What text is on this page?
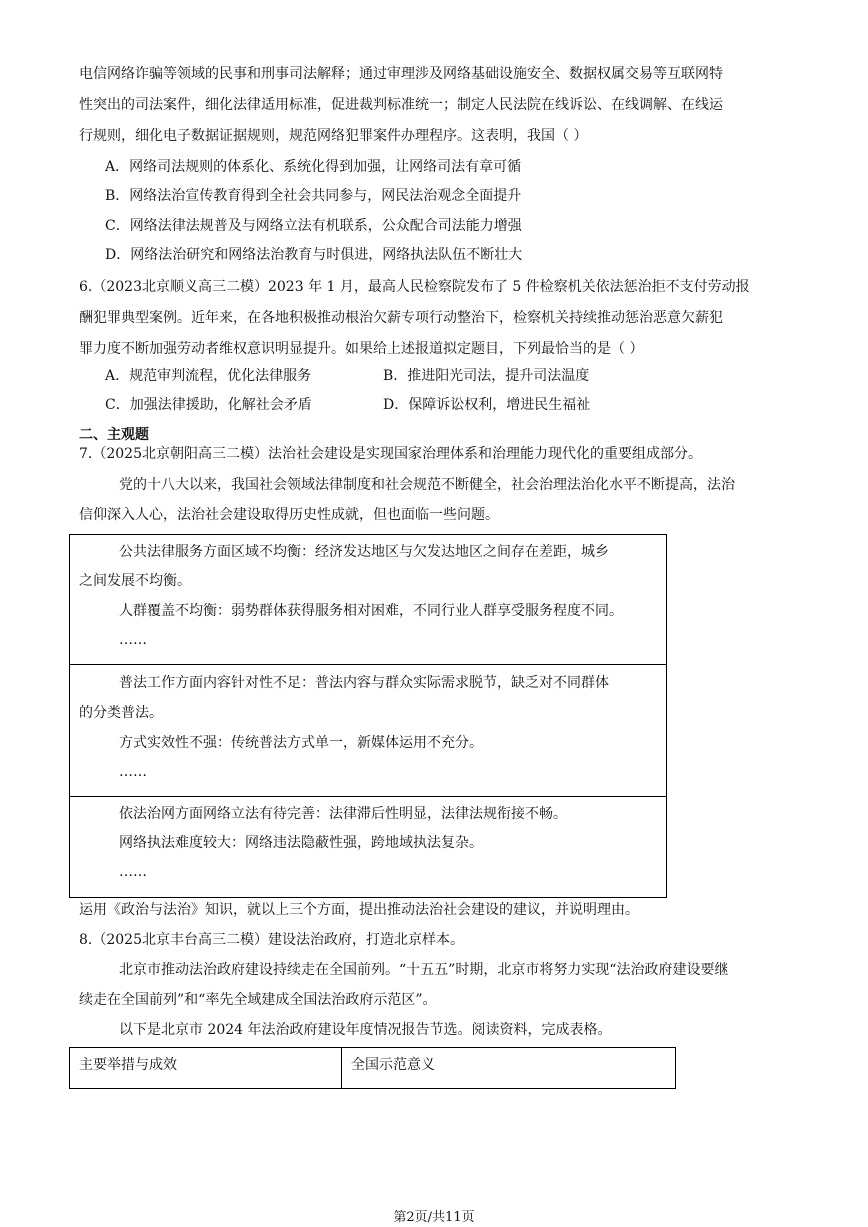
电信网络诈骗等领域的民事和刑事司法解释；通过审理涉及网络基础设施安全、数据权属交易等互联网特
性突出的司法案件，细化法律适用标准，促进裁判标准统一；制定人民法院在线诉讼、在线调解、在线运
行规则，细化电子数据证据规则，规范网络犯罪案件办理程序。这表明，我国（ ）
A．网络司法规则的体系化、系统化得到加强，让网络司法有章可循
B．网络法治宣传教育得到全社会共同参与，网民法治观念全面提升
C．网络法律法规普及与网络立法有机联系，公众配合司法能力增强
D．网络法治研究和网络法治教育与时俱进，网络执法队伍不断壮大
6.（2023北京顺义高三二模）2023 年 1 月，最高人民检察院发布了 5 件检察机关依法惩治拒不支付劳动报
酬犯罪典型案例。近年来，在各地积极推动根治欠薪专项行动整治下，检察机关持续推动惩治恶意欠薪犯
罪力度不断加强劳动者维权意识明显提升。如果给上述报道拟定题目，下列最恰当的是（ ）
A．规范审判流程，优化法律服务	B．推进阳光司法，提升司法温度
C．加强法律援助，化解社会矛盾	D．保障诉讼权利，增进民生福祉
二、主观题
7.（2025北京朝阳高三二模）法治社会建设是实现国家治理体系和治理能力现代化的重要组成部分。
党的十八大以来，我国社会领域法律制度和社会规范不断健全，社会治理法治化水平不断提高，法治
信仰深入人心，法治社会建设取得历史性成就，但也面临一些问题。
公共法律服务方面区域不均衡：经济发达地区与欠发达地区之间存在差距，城乡
之间发展不均衡。
人群覆盖不均衡：弱势群体获得服务相对困难，不同行业人群享受服务程度不同。
……
普法工作方面内容针对性不足：普法内容与群众实际需求脱节，缺乏对不同群体
的分类普法。
方式实效性不强：传统普法方式单一，新媒体运用不充分。
……
依法治网方面网络立法有待完善：法律滞后性明显，法律法规衔接不畅。
网络执法难度较大：网络违法隐蔽性强，跨地域执法复杂。
……
运用《政治与法治》知识，就以上三个方面，提出推动法治社会建设的建议，并说明理由。
8.（2025北京丰台高三二模）建设法治政府，打造北京样本。
北京市推动法治政府建设持续走在全国前列。“十五五”时期，北京市将努力实现“法治政府建设要继
续走在全国前列”和“率先全域建成全国法治政府示范区”。
以下是北京市 2024 年法治政府建设年度情况报告节选。阅读资料，完成表格。
主要举措与成效	全国示范意义
第2页/共11页
